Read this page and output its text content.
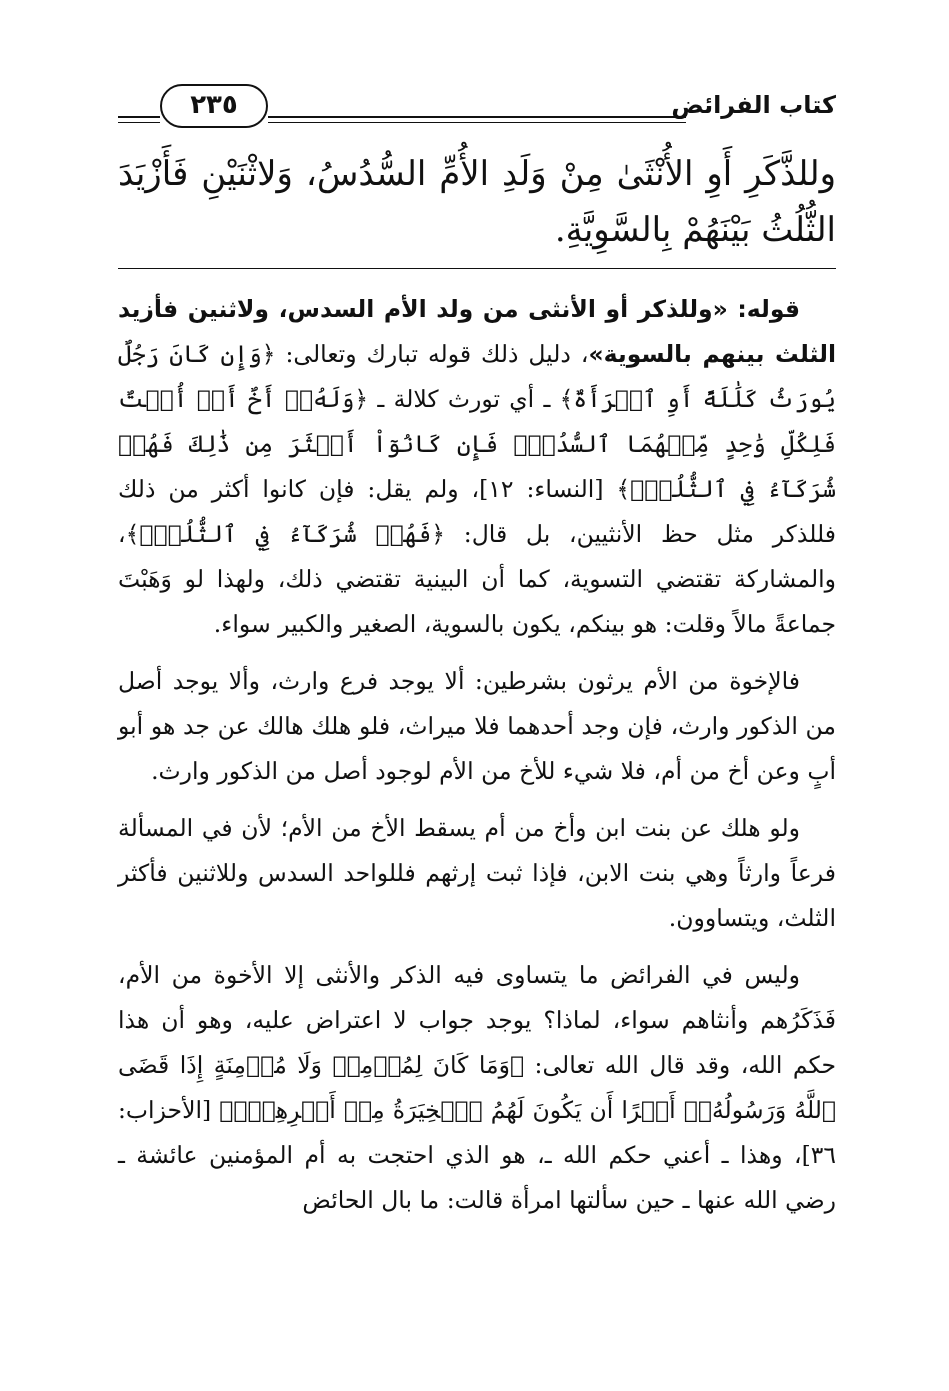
كتاب الفرائض
٢٣٥
وللذَّكَرِ أَوِ الأُنْثَىٰ مِنْ وَلَدِ الأُمِّ السُّدُسُ، وَلاثْنَيْنِ فَأَزْيَدَ الثُّلُثُ بَيْنَهُمْ بِالسَّوِيَّةِ.

قوله: «وللذكر أو الأنثى من ولد الأم السدس، ولاثنين فأزيد الثلث بينهم بالسوية»، دليل ذلك قوله تبارك وتعالى: ﴿وَإِن كَانَ رَجُلٌ يُورَثُ كَلَٰلَةً أَوِ ٱمۡرَأَةٌ﴾ ـ أي تورث كلالة ـ ﴿وَلَهُۥٓ أَخٌ أَوۡ أُخۡتٌ فَلِكُلِّ وَٰحِدٍ مِّنۡهُمَا ٱلسُّدُسُۚ فَإِن كَانُوٓاْ أَكۡثَرَ مِن ذَٰلِكَ فَهُمۡ شُرَكَآءُ فِي ٱلثُّلُثِۚ﴾ [النساء: ١٢]، ولم يقل: فإن كانوا أكثر من ذلك فللذكر مثل حظ الأنثيين، بل قال: ﴿فَهُمۡ شُرَكَآءُ فِي ٱلثُّلُثِۚ﴾، والمشاركة تقتضي التسوية، كما أن البينية تقتضي ذلك، ولهذا لو وَهَبْتَ جماعةً مالاً وقلت: هو بينكم، يكون بالسوية، الصغير والكبير سواء.

فالإخوة من الأم يرثون بشرطين: ألا يوجد فرع وارث، وألا يوجد أصل من الذكور وارث، فإن وجد أحدهما فلا ميراث، فلو هلك هالك عن جد هو أبو أبٍ وعن أخ من أم، فلا شيء للأخ من الأم لوجود أصل من الذكور وارث.

ولو هلك عن بنت ابن وأخ من أم يسقط الأخ من الأم؛ لأن في المسألة فرعاً وارثاً وهي بنت الابن، فإذا ثبت إرثهم فللواحد السدس وللاثنين فأكثر الثلث، ويتساوون.

وليس في الفرائض ما يتساوى فيه الذكر والأنثى إلا الأخوة من الأم، فَذَكَرُهم وأنثاهم سواء، لماذا؟ يوجد جواب لا اعتراض عليه، وهو أن هذا حكم الله، وقد قال الله تعالى: ﴿وَمَا كَانَ لِمُؤۡمِنٖ وَلَا مُؤۡمِنَةٍ إِذَا قَضَى ٱللَّهُ وَرَسُولُهُۥٓ أَمۡرًا أَن يَكُونَ لَهُمُ ٱلۡخِيَرَةُ مِنۡ أَمۡرِهِمۡۗ﴾ [الأحزاب: ٣٦]، وهذا ـ أعني حكم الله ـ، هو الذي احتجت به أم المؤمنين عائشة ـ رضي الله عنها ـ حين سألتها امرأة قالت: ما بال الحائض
